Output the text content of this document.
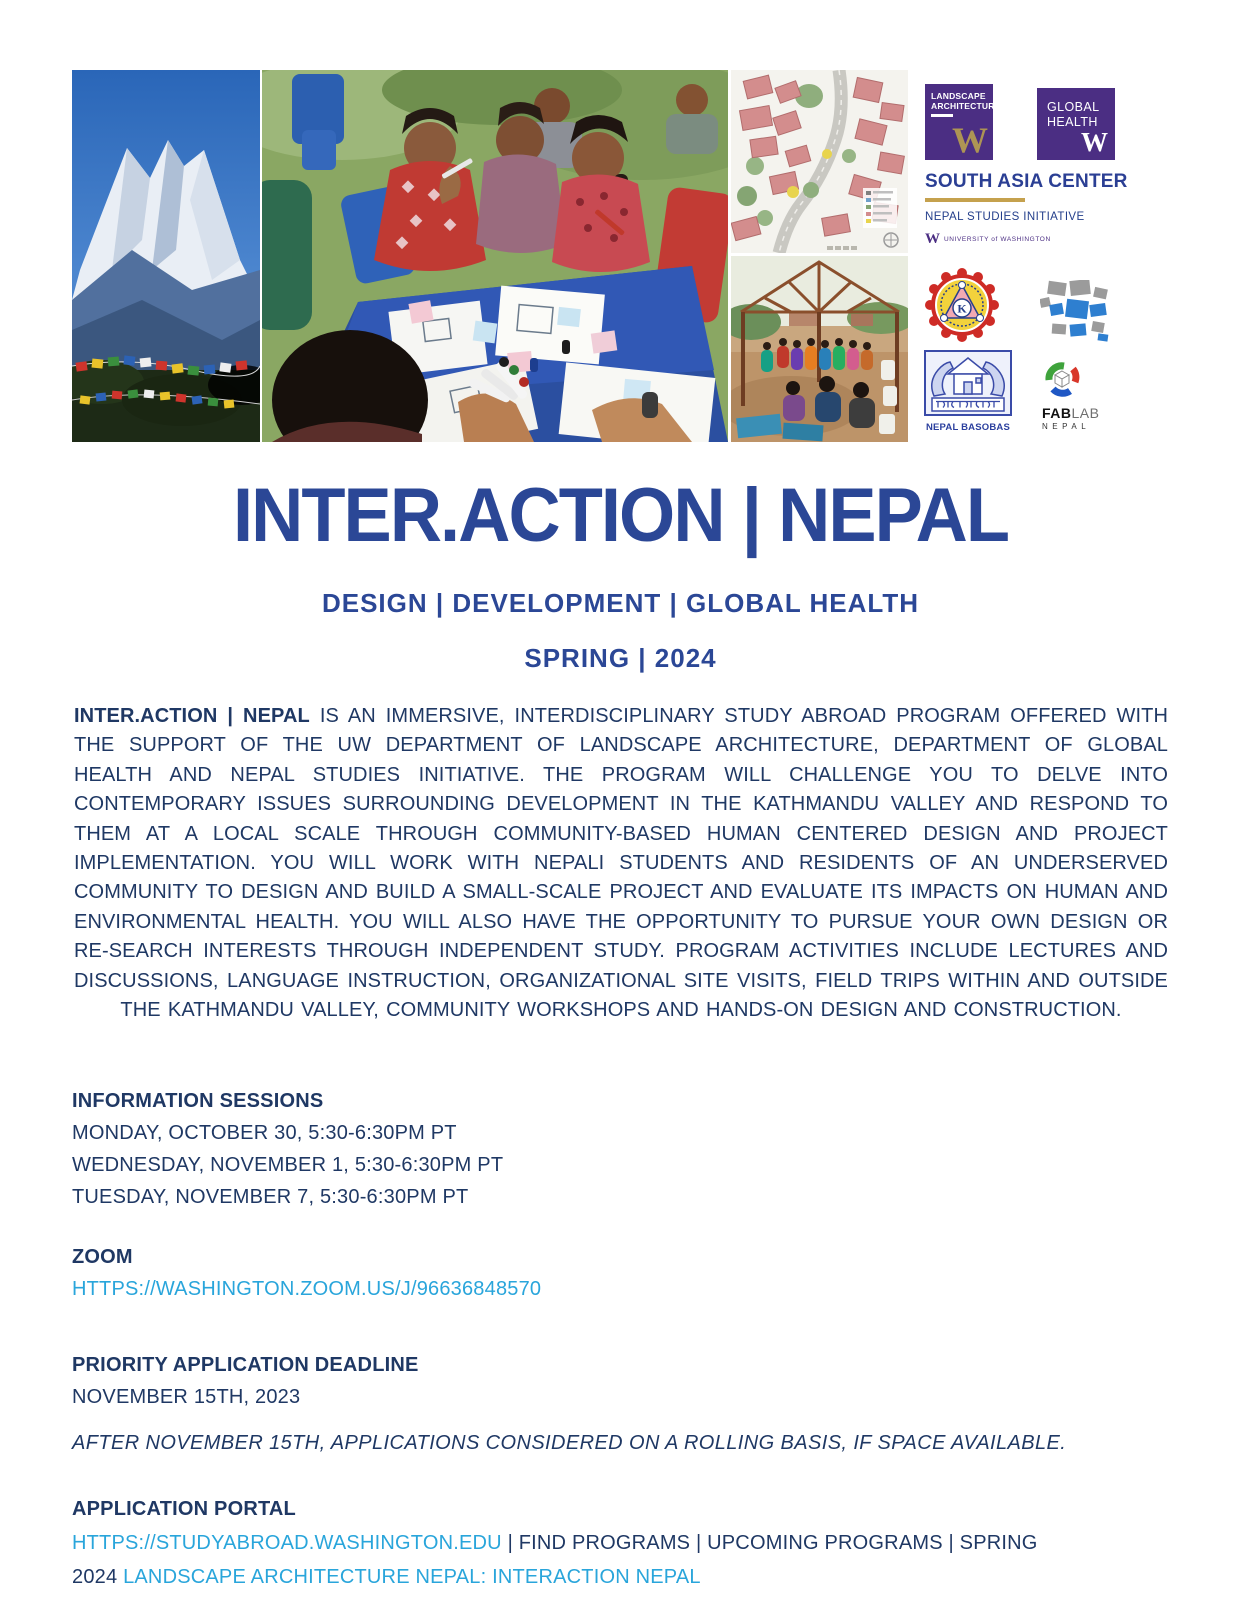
LANDSCAPE
ARCHITECTURE
W
GLOBAL
HEALTH
W
SOUTH ASIA CENTER
NEPAL STUDIES INITIATIVE
W UNIVERSITY of WASHINGTON
K
NEPAL BASOBAS
FABLAB
NEPAL
INTER.ACTION | NEPAL
DESIGN | DEVELOPMENT | GLOBAL HEALTH
SPRING | 2024

INTER.ACTION | NEPAL IS AN IMMERSIVE, INTERDISCIPLINARY STUDY ABROAD PROGRAM OFFERED WITH THE SUPPORT OF THE UW DEPARTMENT OF LANDSCAPE ARCHITECTURE, DEPARTMENT OF GLOBAL HEALTH AND NEPAL STUDIES INITIATIVE. THE PROGRAM WILL CHALLENGE YOU TO DELVE INTO CONTEMPORARY ISSUES SURROUNDING DEVELOPMENT IN THE KATHMANDU VALLEY AND RESPOND TO THEM AT A LOCAL SCALE THROUGH COMMUNITY-BASED HUMAN CENTERED DESIGN AND PROJECT IMPLEMENTATION. YOU WILL WORK WITH NEPALI STUDENTS AND RESIDENTS OF AN UNDERSERVED COMMUNITY TO DESIGN AND BUILD A SMALL-SCALE PROJECT AND EVALUATE ITS IMPACTS ON HUMAN AND ENVIRONMENTAL HEALTH. YOU WILL ALSO HAVE THE OPPORTUNITY TO PURSUE YOUR OWN DESIGN OR RE-SEARCH INTERESTS THROUGH INDEPENDENT STUDY. PROGRAM ACTIVITIES INCLUDE LECTURES AND DISCUSSIONS, LANGUAGE INSTRUCTION, ORGANIZATIONAL SITE VISITS, FIELD TRIPS WITHIN AND OUTSIDE THE KATHMANDU VALLEY, COMMUNITY WORKSHOPS AND HANDS-ON DESIGN AND CONSTRUCTION.

INFORMATION SESSIONS
MONDAY, OCTOBER 30, 5:30-6:30PM PT
WEDNESDAY, NOVEMBER 1, 5:30-6:30PM PT
TUESDAY, NOVEMBER 7, 5:30-6:30PM PT
ZOOM
HTTPS://WASHINGTON.ZOOM.US/J/96636848570
PRIORITY APPLICATION DEADLINE
NOVEMBER 15TH, 2023
AFTER NOVEMBER 15TH, APPLICATIONS CONSIDERED ON A ROLLING BASIS, IF SPACE AVAILABLE.
APPLICATION PORTAL
HTTPS://STUDYABROAD.WASHINGTON.EDU | FIND PROGRAMS | UPCOMING PROGRAMS | SPRING
2024 LANDSCAPE ARCHITECTURE NEPAL: INTERACTION NEPAL
